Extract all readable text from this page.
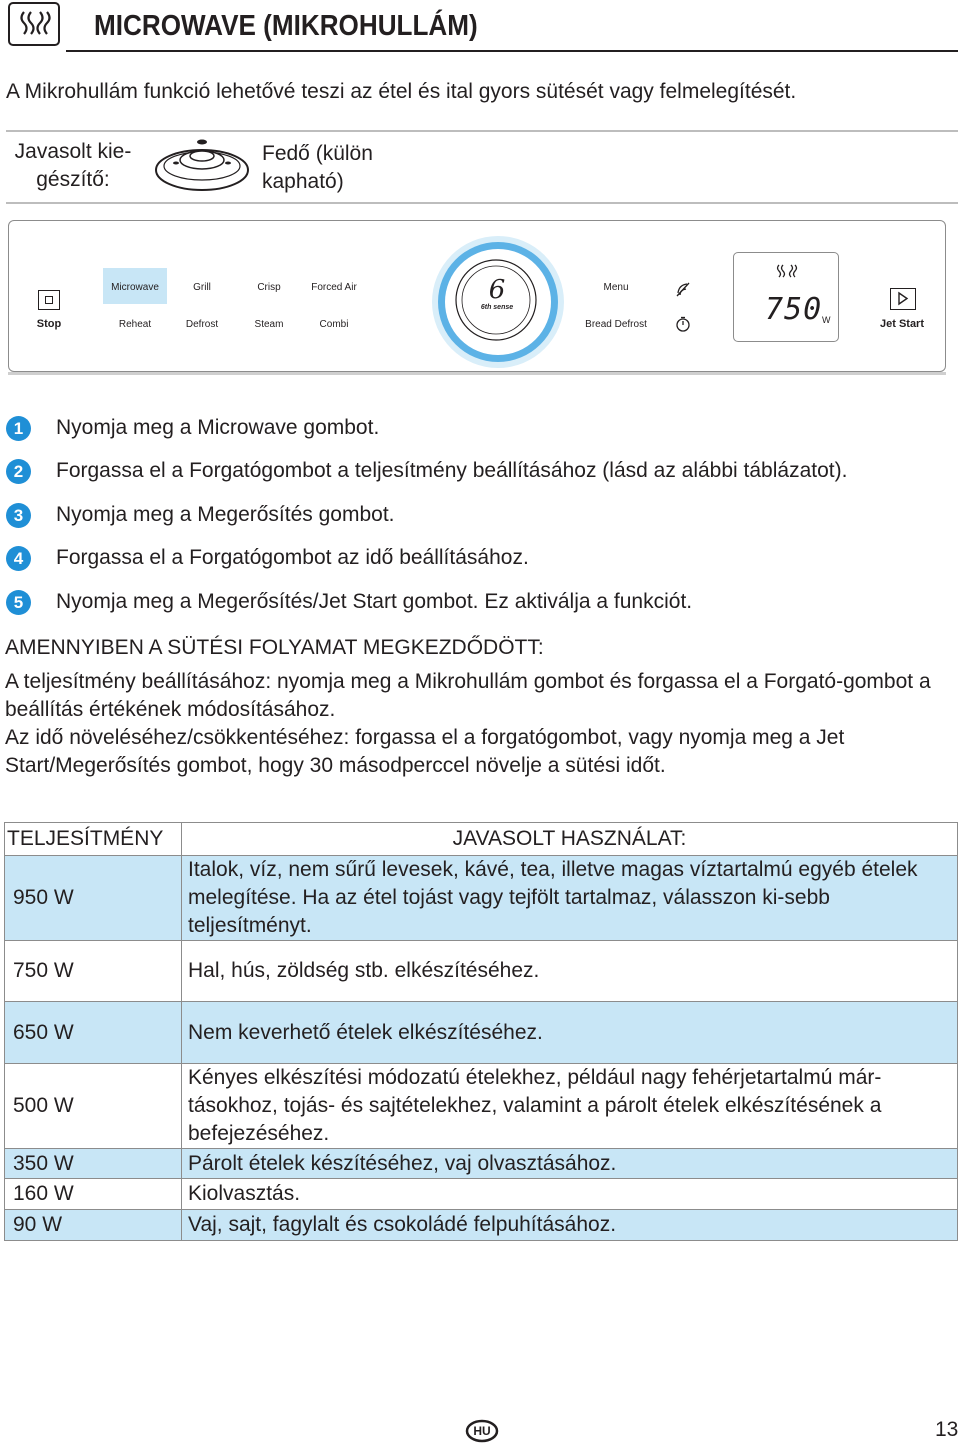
MICROWAVE (MIKROHULLÁM)
A Mikrohullám funkció lehetővé teszi az étel és ital gyors sütését vagy felmelegítését.
Javasolt kie-gészítő:
Fedő (külön kapható)
Stop
Microwave
Reheat
Grill
Defrost
Crisp
Steam
Forced Air
Combi
6
6th sense
Menu
Bread Defrost	750 W	Jet Start
1 Nyomja meg a Microwave gombot.
2 Forgassa el a Forgatógombot a teljesítmény beállításához (lásd az alábbi táblázatot).
3 Nyomja meg a Megerősítés gombot.
4 Forgassa el a Forgatógombot az idő beállításához.
5 Nyomja meg a Megerősítés/Jet Start gombot. Ez aktiválja a funkciót.
AMENNYIBEN A SÜTÉSI FOLYAMAT MEGKEZDŐDÖTT:
A teljesítmény beállításához: nyomja meg a Mikrohullám gombot és forgassa el a Forgató-gombot a beállítás értékének módosításához.
Az idő növeléséhez/csökkentéséhez: forgassa el a forgatógombot, vagy nyomja meg a Jet Start/Megerősítés gombot, hogy 30 másodperccel növelje a sütési időt.
TELJESÍTMÉNY	JAVASOLT HASZNÁLAT:
950 W	Italok, víz, nem sűrű levesek, kávé, tea, illetve magas víztartalmú egyéb ételek melegítése. Ha az étel tojást vagy tejfölt tartalmaz, válasszon ki-sebb teljesítményt.
750 W	Hal, hús, zöldség stb. elkészítéséhez.
650 W	Nem keverhető ételek elkészítéséhez.
500 W	Kényes elkészítési módozatú ételekhez, például nagy fehérjetartalmú már-tásokhoz, tojás- és sajtételekhez, valamint a párolt ételek elkészítésének a befejezéséhez.
350 W	Párolt ételek készítéséhez, vaj olvasztásához.
160 W	Kiolvasztás.
90 W	Vaj, sajt, fagylalt és csokoládé felpuhításához.
HU	13
